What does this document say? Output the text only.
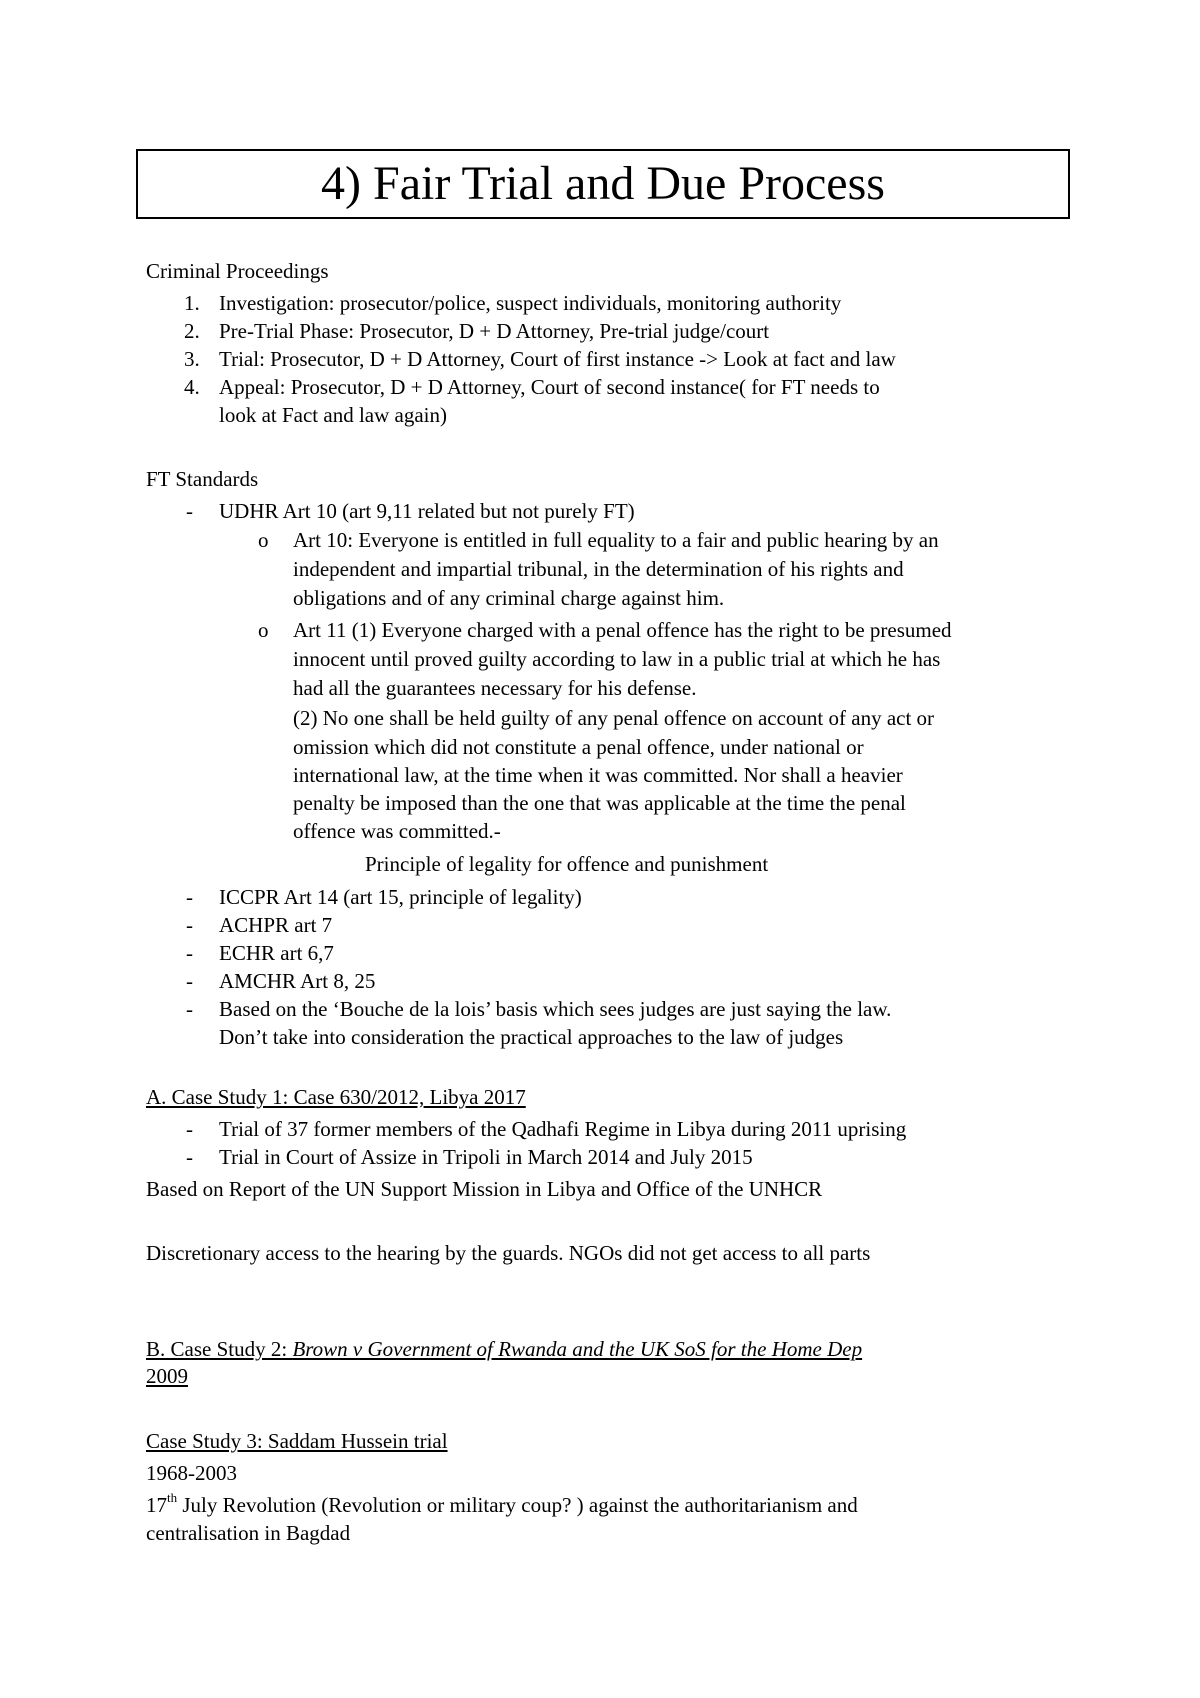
4) Fair Trial and Due Process
Criminal Proceedings
1. Investigation: prosecutor/police, suspect individuals, monitoring authority
2. Pre-Trial Phase: Prosecutor, D + D Attorney, Pre-trial judge/court
3. Trial: Prosecutor, D + D Attorney, Court of first instance -> Look at fact and law
4. Appeal: Prosecutor, D + D Attorney, Court of second instance( for FT needs to
look at Fact and law again)
FT Standards
- UDHR Art 10 (art 9,11 related but not purely FT)
o Art 10: Everyone is entitled in full equality to a fair and public hearing by an
independent and impartial tribunal, in the determination of his rights and
obligations and of any criminal charge against him.
o Art 11 (1) Everyone charged with a penal offence has the right to be presumed
innocent until proved guilty according to law in a public trial at which he has
had all the guarantees necessary for his defense.
(2) No one shall be held guilty of any penal offence on account of any act or
omission which did not constitute a penal offence, under national or
international law, at the time when it was committed. Nor shall a heavier
penalty be imposed than the one that was applicable at the time the penal
offence was committed.-
Principle of legality for offence and punishment
- ICCPR Art 14 (art 15, principle of legality)
- ACHPR art 7
- ECHR art 6,7
- AMCHR Art 8, 25
- Based on the ‘Bouche de la lois’ basis which sees judges are just saying the law.
Don’t take into consideration the practical approaches to the law of judges
A. Case Study 1: Case 630/2012, Libya 2017
- Trial of 37 former members of the Qadhafi Regime in Libya during 2011 uprising
- Trial in Court of Assize in Tripoli in March 2014 and July 2015
Based on Report of the UN Support Mission in Libya and Office of the UNHCR
Discretionary access to the hearing by the guards. NGOs did not get access to all parts
B. Case Study 2: Brown v Government of Rwanda and the UK SoS for the Home Dep
2009
Case Study 3: Saddam Hussein trial
1968-2003
17th July Revolution (Revolution or military coup? ) against the authoritarianism and
centralisation in Bagdad
